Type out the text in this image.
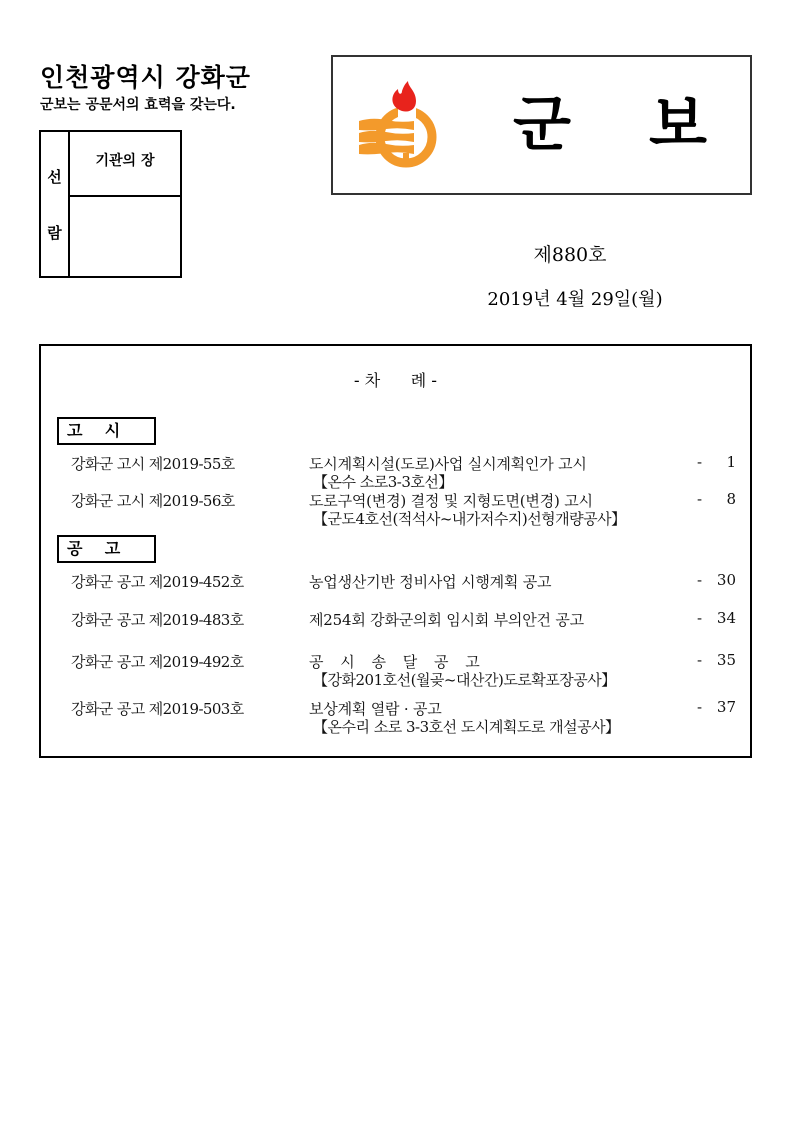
인천광역시 강화군
군보는 공문서의 효력을 갖는다.
선
람
기관의 장
군 보
제880호
2019년 4월 29일(월)
- 차      례 -
고    시
강화군 고시 제2019-55호	도시계획시설(도로)사업 실시계획인가 고시
【온수 소로3-3호선】
- 1
강화군 고시 제2019-56호	도로구역(변경) 결정 및 지형도면(변경) 고시
【군도4호선(적석사~내가저수지)선형개량공사】
- 8
공    고
강화군 공고 제2019-452호	농업생산기반 정비사업 시행계획 공고	- 30
강화군 공고 제2019-483호	제254회 강화군의회 임시회 부의안건 공고	- 34
강화군 공고 제2019-492호	공 시 송 달 공 고
【강화201호선(월곶~대산간)도로확포장공사】
- 35
강화군 공고 제2019-503호	보상계획 열람 · 공고
【온수리 소로 3-3호선 도시계획도로 개설공사】
- 37
